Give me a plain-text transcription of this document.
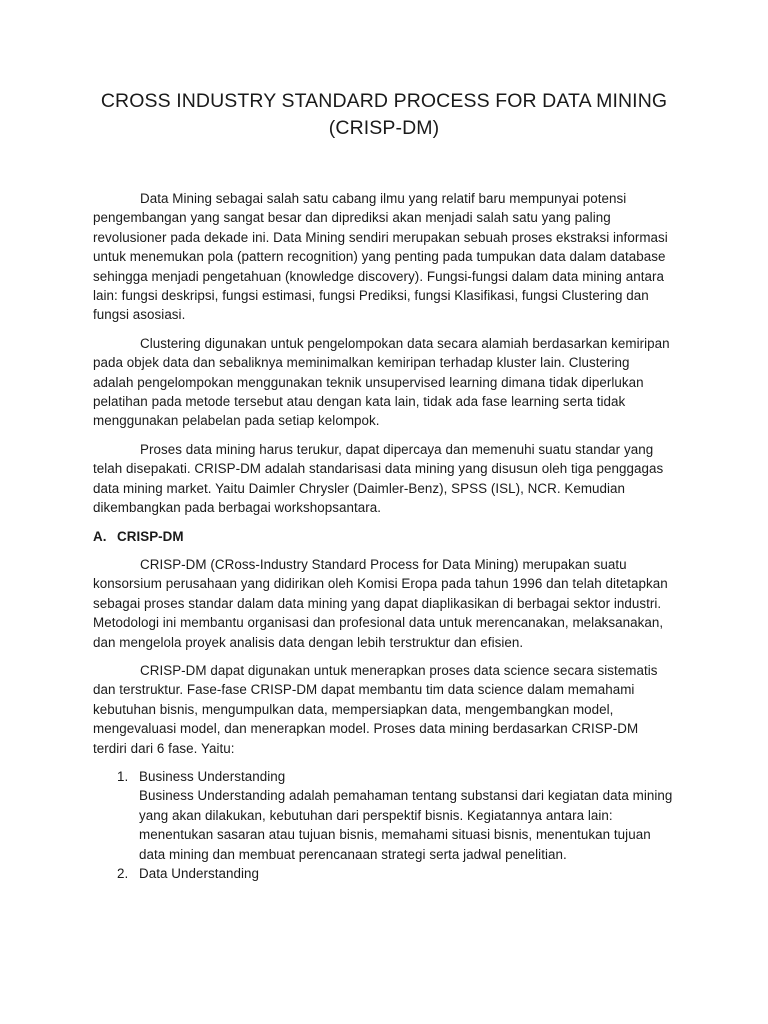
CROSS INDUSTRY STANDARD PROCESS FOR DATA MINING
(CRISP-DM)

Data Mining sebagai salah satu cabang ilmu yang relatif baru mempunyai potensi pengembangan yang sangat besar dan diprediksi akan menjadi salah satu yang paling revolusioner pada dekade ini. Data Mining sendiri merupakan sebuah proses ekstraksi informasi untuk menemukan pola (pattern recognition) yang penting pada tumpukan data dalam database sehingga menjadi pengetahuan (knowledge discovery). Fungsi-fungsi dalam data mining antara lain: fungsi deskripsi, fungsi estimasi, fungsi Prediksi, fungsi Klasifikasi, fungsi Clustering dan fungsi asosiasi.

Clustering digunakan untuk pengelompokan data secara alamiah berdasarkan kemiripan pada objek data dan sebaliknya meminimalkan kemiripan terhadap kluster lain. Clustering adalah pengelompokan menggunakan teknik unsupervised learning dimana tidak diperlukan pelatihan pada metode tersebut atau dengan kata lain, tidak ada fase learning serta tidak menggunakan pelabelan pada setiap kelompok.

Proses data mining harus terukur, dapat dipercaya dan memenuhi suatu standar yang telah disepakati. CRISP-DM adalah standarisasi data mining yang disusun oleh tiga penggagas data mining market. Yaitu Daimler Chrysler (Daimler-Benz), SPSS (ISL), NCR. Kemudian dikembangkan pada berbagai workshopsantara.

A. CRISP-DM

CRISP-DM (CRoss-Industry Standard Process for Data Mining) merupakan suatu konsorsium perusahaan yang didirikan oleh Komisi Eropa pada tahun 1996 dan telah ditetapkan sebagai proses standar dalam data mining yang dapat diaplikasikan di berbagai sektor industri. Metodologi ini membantu organisasi dan profesional data untuk merencanakan, melaksanakan, dan mengelola proyek analisis data dengan lebih terstruktur dan efisien.

CRISP-DM dapat digunakan untuk menerapkan proses data science secara sistematis dan terstruktur. Fase-fase CRISP-DM dapat membantu tim data science dalam memahami kebutuhan bisnis, mengumpulkan data, mempersiapkan data, mengembangkan model, mengevaluasi model, dan menerapkan model. Proses data mining berdasarkan CRISP-DM terdiri dari 6 fase. Yaitu:

1. Business Understanding
Business Understanding adalah pemahaman tentang substansi dari kegiatan data mining yang akan dilakukan, kebutuhan dari perspektif bisnis. Kegiatannya antara lain: menentukan sasaran atau tujuan bisnis, memahami situasi bisnis, menentukan tujuan data mining dan membuat perencanaan strategi serta jadwal penelitian.
2. Data Understanding
